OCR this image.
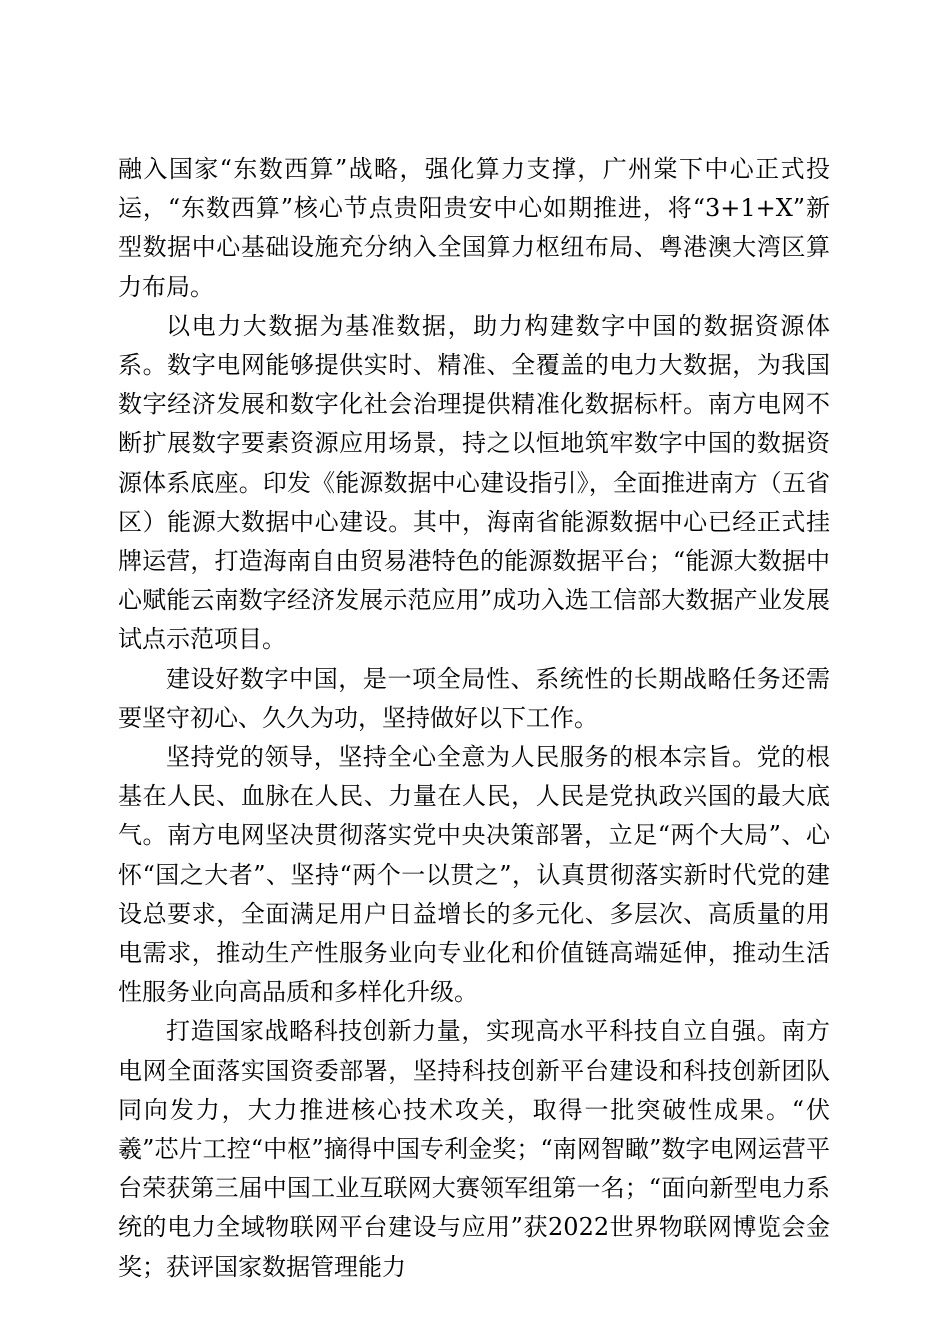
融入国家“东数西算”战略，强化算力支撑，广州棠下中心正式投运，“东数西算”核心节点贵阳贵安中心如期推进，将“3+1+X”新型数据中心基础设施充分纳入全国算力枢纽布局、粤港澳大湾区算力布局。

以电力大数据为基准数据，助力构建数字中国的数据资源体系。数字电网能够提供实时、精准、全覆盖的电力大数据，为我国数字经济发展和数字化社会治理提供精准化数据标杆。南方电网不断扩展数字要素资源应用场景，持之以恒地筑牢数字中国的数据资源体系底座。印发《能源数据中心建设指引》，全面推进南方（五省区）能源大数据中心建设。其中，海南省能源数据中心已经正式挂牌运营，打造海南自由贸易港特色的能源数据平台；“能源大数据中心赋能云南数字经济发展示范应用”成功入选工信部大数据产业发展试点示范项目。

建设好数字中国，是一项全局性、系统性的长期战略任务还需要坚守初心、久久为功，坚持做好以下工作。

坚持党的领导，坚持全心全意为人民服务的根本宗旨。党的根基在人民、血脉在人民、力量在人民，人民是党执政兴国的最大底气。南方电网坚决贯彻落实党中央决策部署，立足“两个大局”、心怀“国之大者”、坚持“两个一以贯之”，认真贯彻落实新时代党的建设总要求，全面满足用户日益增长的多元化、多层次、高质量的用电需求，推动生产性服务业向专业化和价值链高端延伸，推动生活性服务业向高品质和多样化升级。

打造国家战略科技创新力量，实现高水平科技自立自强。南方电网全面落实国资委部署，坚持科技创新平台建设和科技创新团队同向发力，大力推进核心技术攻关，取得一批突破性成果。“伏羲”芯片工控“中枢”摘得中国专利金奖；“南网智瞰”数字电网运营平台荣获第三届中国工业互联网大赛领军组第一名；“面向新型电力系统的电力全域物联网平台建设与应用”获2022世界物联网博览会金奖；获评国家数据管理能力
